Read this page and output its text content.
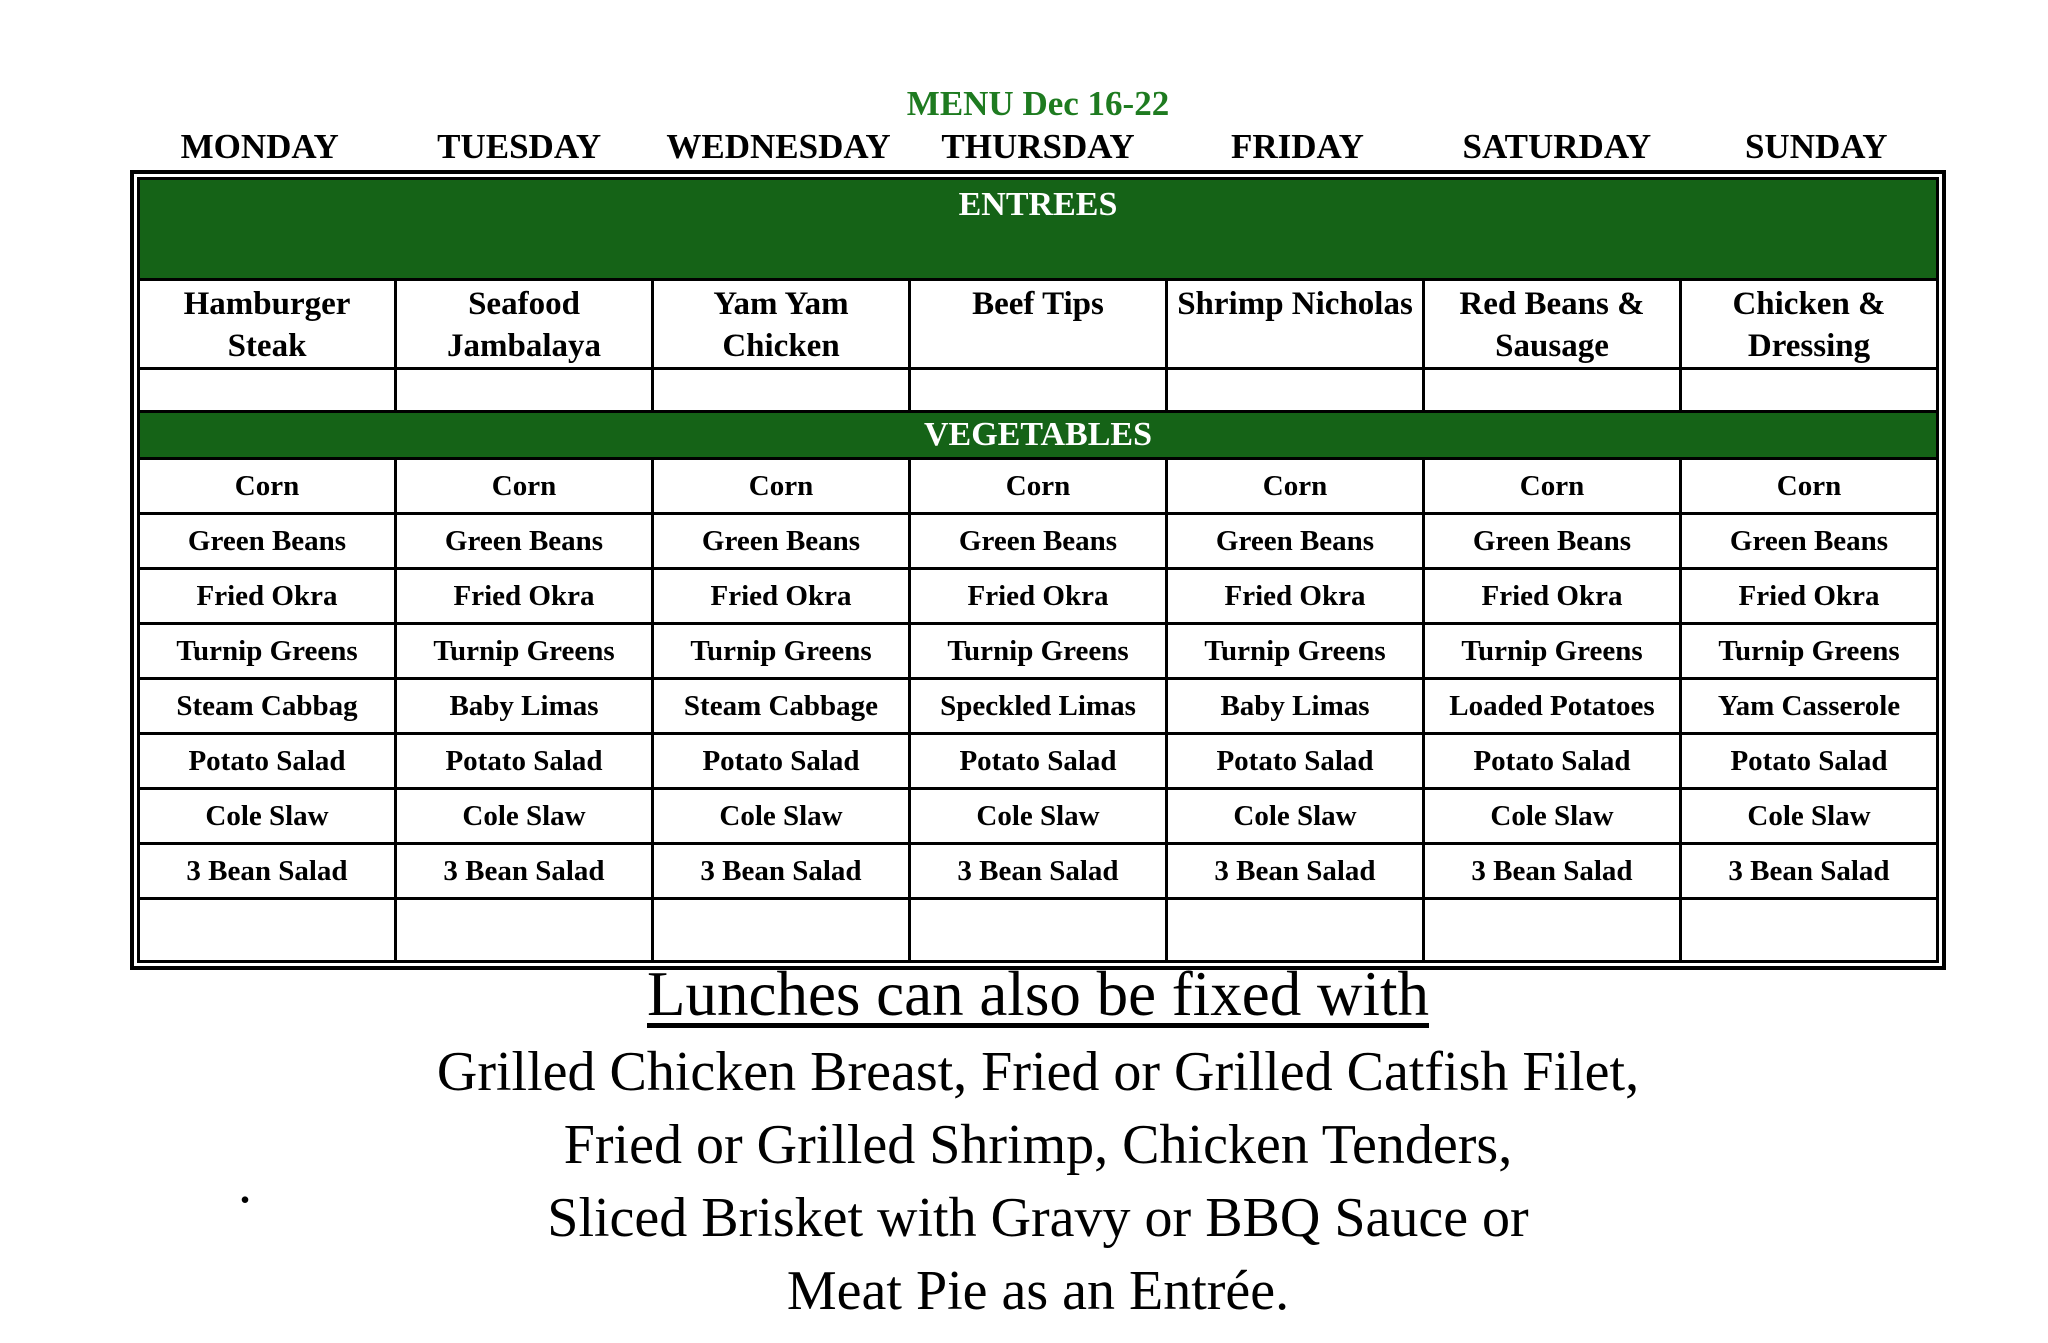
MENU Dec 16-22
MONDAY	TUESDAY	WEDNESDAY	THURSDAY	FRIDAY	SATURDAY	SUNDAY
ENTREES						
Hamburger Steak	Seafood Jambalaya	Yam Yam Chicken	Beef Tips	Shrimp Nicholas	Red Beans & Sausage	Chicken & Dressing

VEGETABLES						
Corn	Corn	Corn	Corn	Corn	Corn	Corn
Green Beans	Green Beans	Green Beans	Green Beans	Green Beans	Green Beans	Green Beans
Fried Okra	Fried Okra	Fried Okra	Fried Okra	Fried Okra	Fried Okra	Fried Okra
Turnip Greens	Turnip Greens	Turnip Greens	Turnip Greens	Turnip Greens	Turnip Greens	Turnip Greens
Steam Cabbag	Baby Limas	Steam Cabbage	Speckled Limas	Baby Limas	Loaded Potatoes	Yam Casserole
Potato Salad	Potato Salad	Potato Salad	Potato Salad	Potato Salad	Potato Salad	Potato Salad
Cole Slaw	Cole Slaw	Cole Slaw	Cole Slaw	Cole Slaw	Cole Slaw	Cole Slaw
3 Bean Salad	3 Bean Salad	3 Bean Salad	3 Bean Salad	3 Bean Salad	3 Bean Salad	3 Bean Salad

Lunches can also be fixed with
Grilled Chicken Breast, Fried or Grilled Catfish Filet,
Fried or Grilled Shrimp, Chicken Tenders,
Sliced Brisket with Gravy or BBQ Sauce or
Meat Pie as an Entrée.
.
